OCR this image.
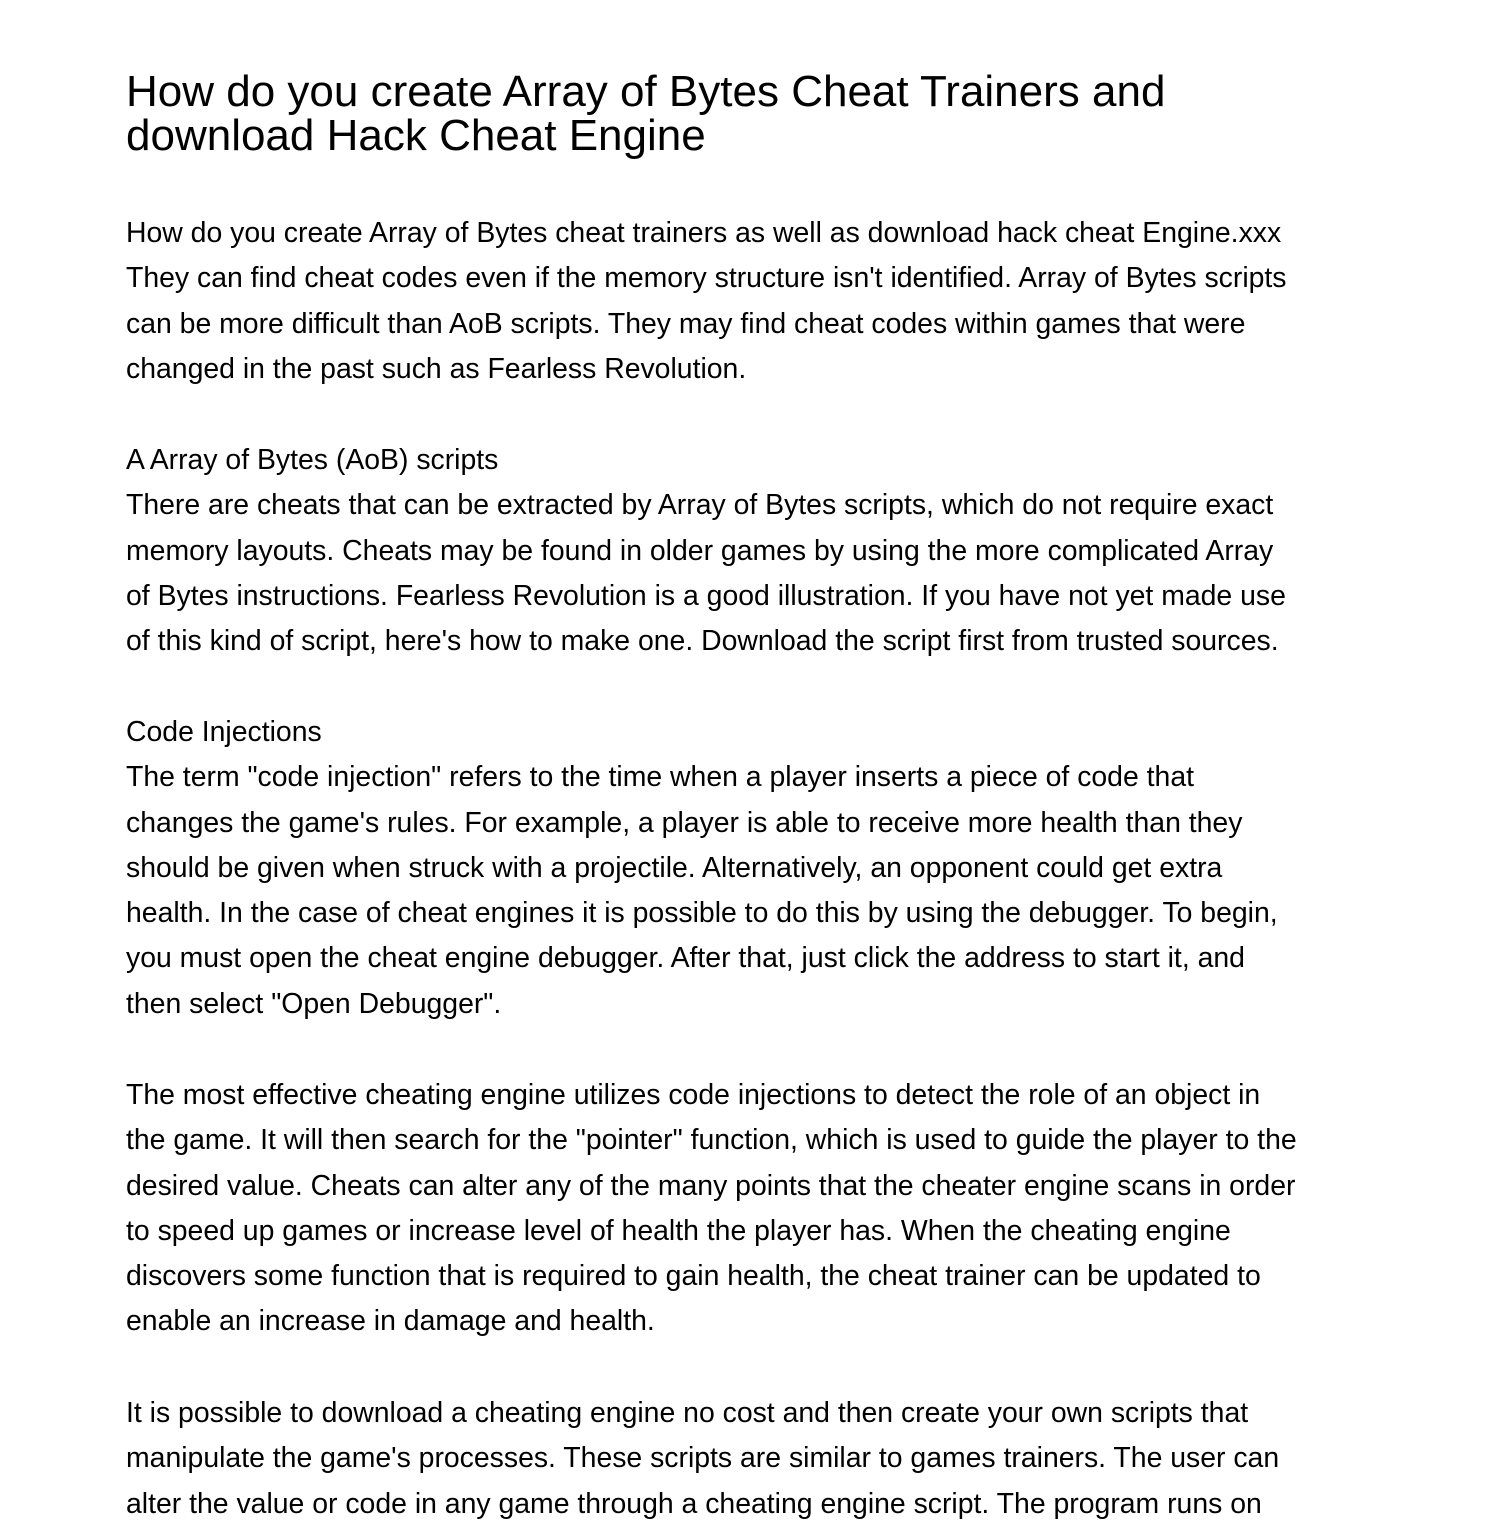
How do you create Array of Bytes Cheat Trainers and
download Hack Cheat Engine

How do you create Array of Bytes cheat trainers as well as download hack cheat Engine.xxx
They can find cheat codes even if the memory structure isn't identified. Array of Bytes scripts
can be more difficult than AoB scripts. They may find cheat codes within games that were
changed in the past such as Fearless Revolution.

A Array of Bytes (AoB) scripts
There are cheats that can be extracted by Array of Bytes scripts, which do not require exact
memory layouts. Cheats may be found in older games by using the more complicated Array
of Bytes instructions. Fearless Revolution is a good illustration. If you have not yet made use
of this kind of script, here's how to make one. Download the script first from trusted sources.
Code Injections
The term "code injection" refers to the time when a player inserts a piece of code that
changes the game's rules. For example, a player is able to receive more health than they
should be given when struck with a projectile. Alternatively, an opponent could get extra
health. In the case of cheat engines it is possible to do this by using the debugger. To begin,
you must open the cheat engine debugger. After that, just click the address to start it, and
then select "Open Debugger".

The most effective cheating engine utilizes code injections to detect the role of an object in
the game. It will then search for the "pointer" function, which is used to guide the player to the
desired value. Cheats can alter any of the many points that the cheater engine scans in order
to speed up games or increase level of health the player has. When the cheating engine
discovers some function that is required to gain health, the cheat trainer can be updated to
enable an increase in damage and health.

It is possible to download a cheating engine no cost and then create your own scripts that
manipulate the game's processes. These scripts are similar to games trainers. The user can
alter the value or code in any game through a cheating engine script. The program runs on
